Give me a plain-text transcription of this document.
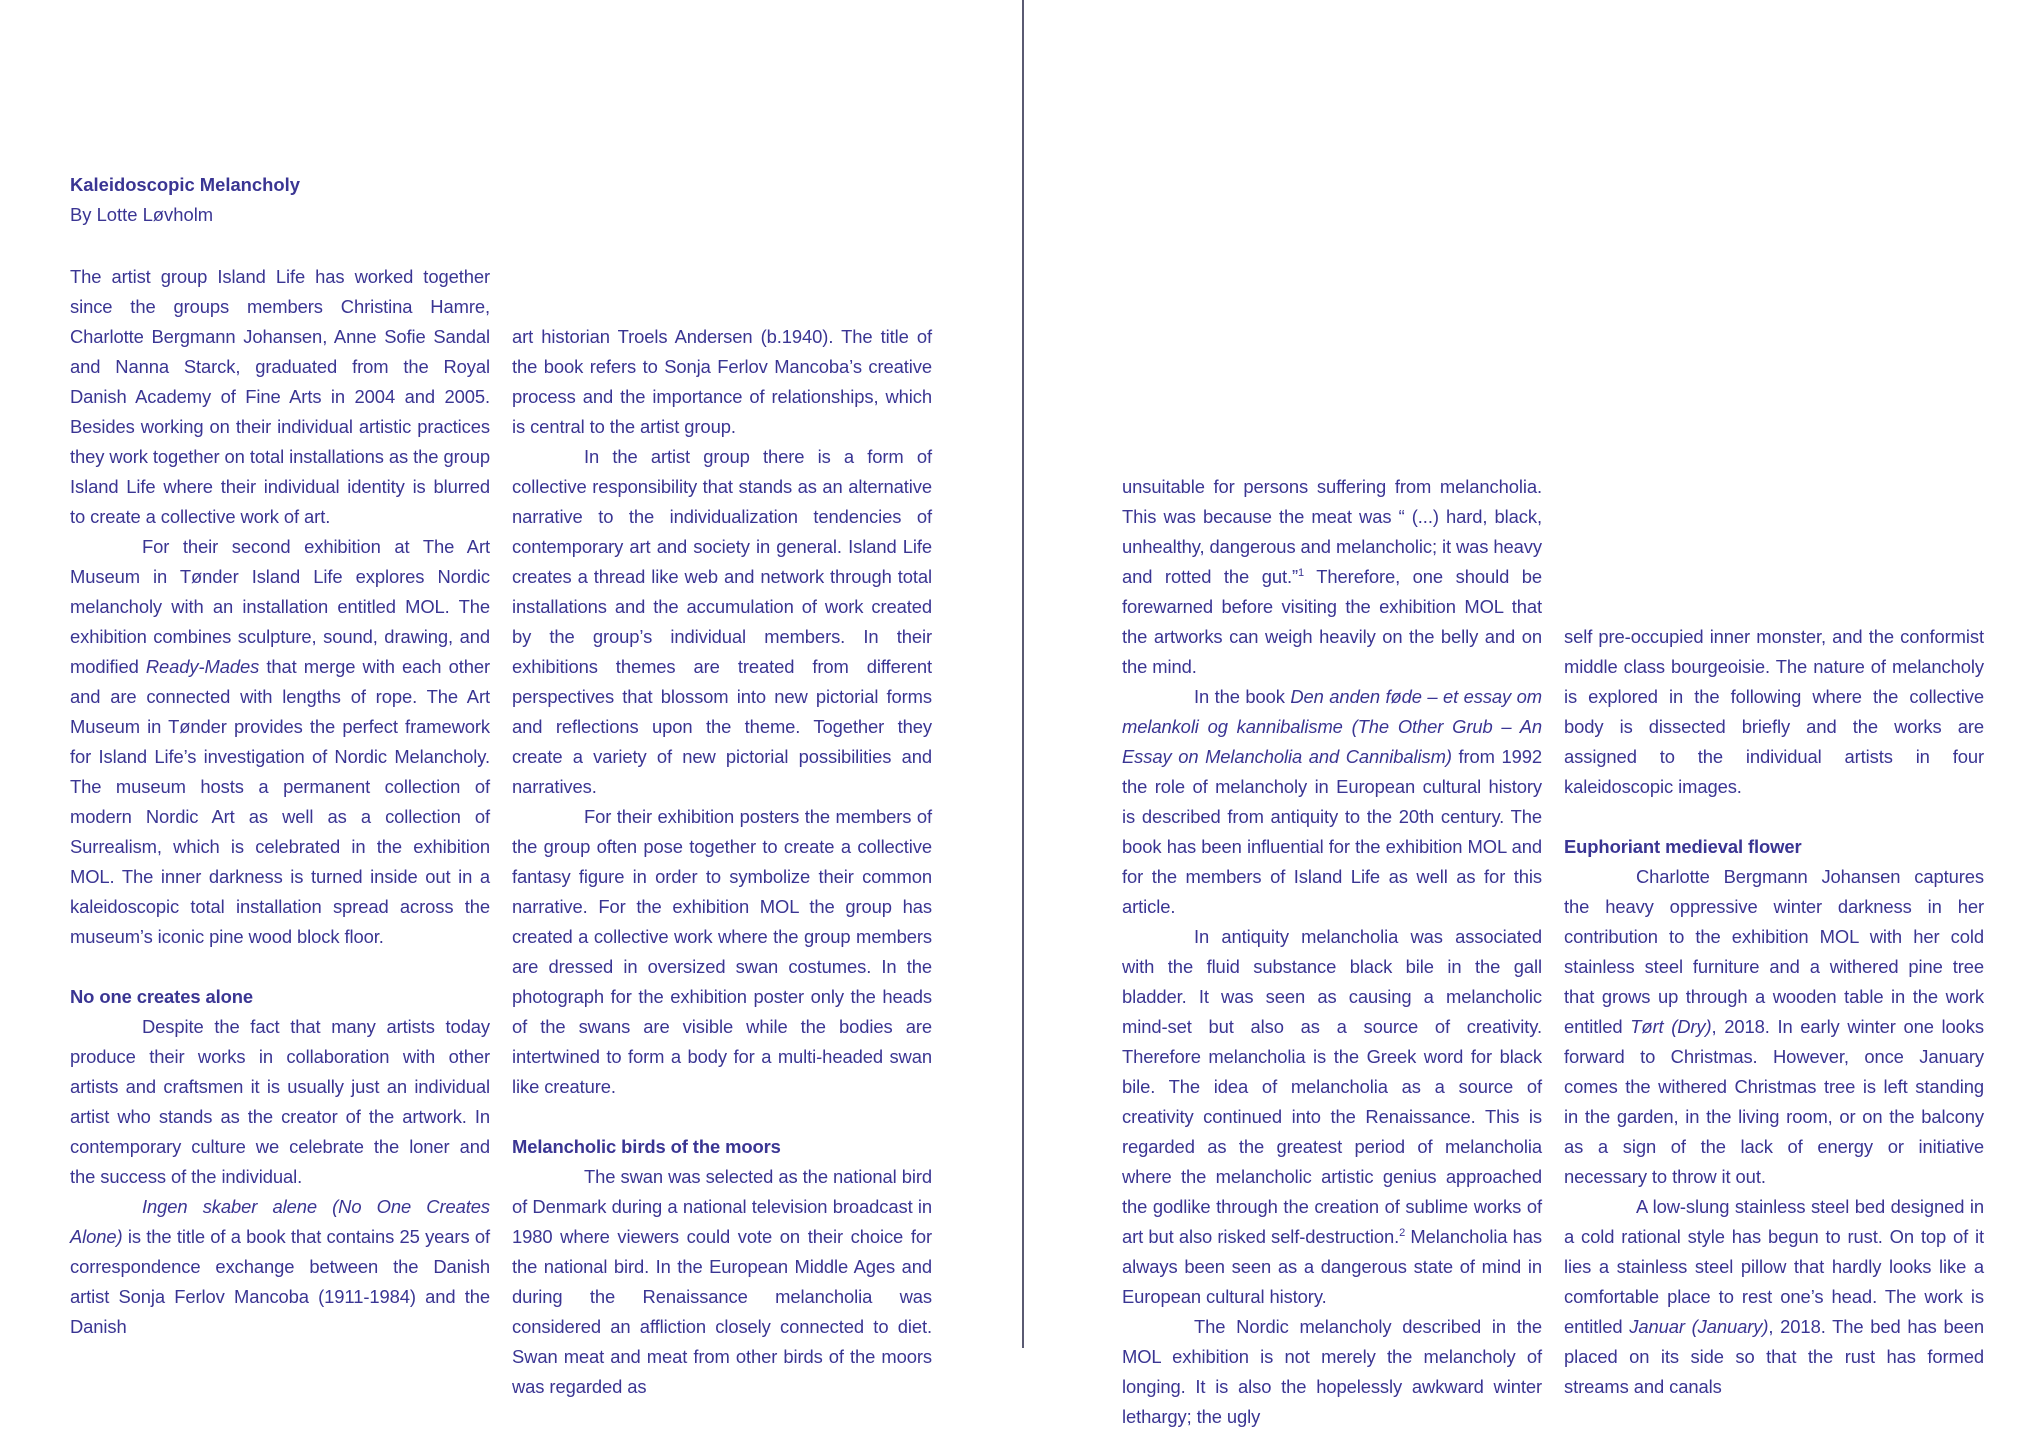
Kaleidoscopic Melancholy
By Lotte Løvholm

The artist group Island Life has worked together since the groups members Christina Hamre, Charlotte Bergmann Johansen, Anne Sofie Sandal and Nanna Starck, graduated from the Royal Danish Academy of Fine Arts in 2004 and 2005. Besides working on their individual artistic practices they work together on total installations as the group Island Life where their individual identity is blurred to create a collective work of art.

For their second exhibition at The Art Museum in Tønder Island Life explores Nordic melancholy with an installation entitled MOL. The exhibition combines sculpture, sound, drawing, and modified Ready-Mades that merge with each other and are connected with lengths of rope. The Art Museum in Tønder provides the perfect framework for Island Life’s investigation of Nordic Melancholy. The museum hosts a permanent collection of modern Nordic Art as well as a collection of Surrealism, which is celebrated in the exhibition MOL. The inner darkness is turned inside out in a kaleidoscopic total installation spread across the museum’s iconic pine wood block floor.

No one creates alone

Despite the fact that many artists today produce their works in collaboration with other artists and craftsmen it is usually just an individual artist who stands as the creator of the artwork. In contemporary culture we celebrate the loner and the success of the individual.

Ingen skaber alene (No One Creates Alone) is the title of a book that contains 25 years of correspondence exchange between the Danish artist Sonja Ferlov Mancoba (1911-1984) and the Danish

art historian Troels Andersen (b.1940). The title of the book refers to Sonja Ferlov Mancoba’s creative process and the importance of relationships, which is central to the artist group.

In the artist group there is a form of collective responsibility that stands as an alternative narrative to the individualization tendencies of contemporary art and society in general. Island Life creates a thread like web and network through total installations and the accumulation of work created by the group’s individual members. In their exhibitions themes are treated from different perspectives that blossom into new pictorial forms and reflections upon the theme. Together they create a variety of new pictorial possibilities and narratives.

For their exhibition posters the members of the group often pose together to create a collective fantasy figure in order to symbolize their common narrative. For the exhibition MOL the group has created a collective work where the group members are dressed in oversized swan costumes. In the photograph for the exhibition poster only the heads of the swans are visible while the bodies are intertwined to form a body for a multi-headed swan like creature.

Melancholic birds of the moors

The swan was selected as the national bird of Denmark during a national television broadcast in 1980 where viewers could vote on their choice for the national bird. In the European Middle Ages and during the Renaissance melancholia was considered an affliction closely connected to diet. Swan meat and meat from other birds of the moors was regarded as

unsuitable for persons suffering from melancholia. This was because the meat was “ (...) hard, black, unhealthy, dangerous and melancholic; it was heavy and rotted the gut.”$^1$ Therefore, one should be forewarned before visiting the exhibition MOL that the artworks can weigh heavily on the belly and on the mind.

In the book Den anden føde – et essay om melankoli og kannibalisme (The Other Grub – An Essay on Melancholia and Cannibalism) from 1992 the role of melancholy in European cultural history is described from antiquity to the 20th century. The book has been influential for the exhibition MOL and for the members of Island Life as well as for this article.

In antiquity melancholia was associated with the fluid substance black bile in the gall bladder. It was seen as causing a melancholic mind-set but also as a source of creativity. Therefore melancholia is the Greek word for black bile. The idea of melancholia as a source of creativity continued into the Renaissance. This is regarded as the greatest period of melancholia where the melancholic artistic genius approached the godlike through the creation of sublime works of art but also risked self-destruction.$^2$ Melancholia has always been seen as a dangerous state of mind in European cultural history.

The Nordic melancholy described in the MOL exhibition is not merely the melancholy of longing. It is also the hopelessly awkward winter lethargy; the ugly

self pre-occupied inner monster, and the conformist middle class bourgeoisie. The nature of melancholy is explored in the following where the collective body is dissected briefly and the works are assigned to the individual artists in four kaleidoscopic images.

Euphoriant medieval flower

Charlotte Bergmann Johansen captures the heavy oppressive winter darkness in her contribution to the exhibition MOL with her cold stainless steel furniture and a withered pine tree that grows up through a wooden table in the work entitled Tørt (Dry), 2018. In early winter one looks forward to Christmas. However, once January comes the withered Christmas tree is left standing in the garden, in the living room, or on the balcony as a sign of the lack of energy or initiative necessary to throw it out.

A low-slung stainless steel bed designed in a cold rational style has begun to rust. On top of it lies a stainless steel pillow that hardly looks like a comfortable place to rest one’s head. The work is entitled Januar (January), 2018. The bed has been placed on its side so that the rust has formed streams and canals
